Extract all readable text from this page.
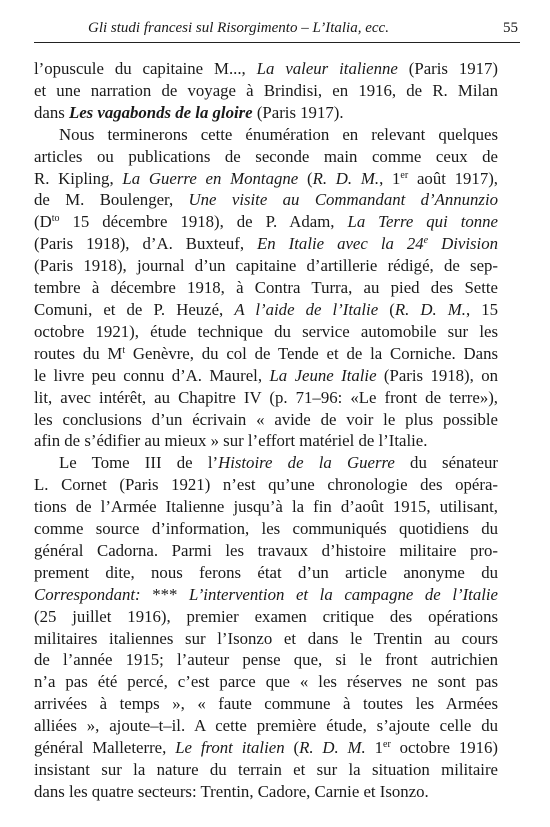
Gli studi francesi sul Risorgimento – L’Italia, ecc.	55
l’opuscule du capitaine M..., La valeur italienne (Paris 1917)
et une narration de voyage à Brindisi, en 1916, de R. Milan
dans Les vagabonds de la gloire (Paris 1917).
Nous terminerons cette énumération en relevant quelques
articles ou publications de seconde main comme ceux de
R. Kipling, La Guerre en Montagne (R. D. M., 1er août 1917),
de M. Boulenger, Une visite au Commandant d’Annunzio
($D^{to}$ 15 décembre 1918), de P. Adam, La Terre qui tonne
(Paris 1918), d’A. Buxteuf, En Italie avec la 24e Division
(Paris 1918), journal d’un capitaine d’artillerie rédigé, de sep-
tembre à décembre 1918, à Contra Turra, au pied des Sette
Comuni, et de P. Heuzé, A l’aide de l’Italie (R. D. M., 15
octobre 1921), étude technique du service automobile sur les
routes du $M^t$ Genèvre, du col de Tende et de la Corniche. Dans
le livre peu connu d’A. Maurel, La Jeune Italie (Paris 1918), on
lit, avec intérêt, au Chapitre IV (p. 71–96: «Le front de terre»),
les conclusions d’un écrivain « avide de voir le plus possible
afin de s’édifier au mieux » sur l’effort matériel de l’Italie.
Le Tome III de l’Histoire de la Guerre du sénateur
L. Cornet (Paris 1921) n’est qu’une chronologie des opéra-
tions de l’Armée Italienne jusqu’à la fin d’août 1915, utilisant,
comme source d’information, les communiqués quotidiens du
général Cadorna. Parmi les travaux d’histoire militaire pro-
prement dite, nous ferons état d’un article anonyme du
Correspondant: *** L’intervention et la campagne de l’Italie
(25 juillet 1916), premier examen critique des opérations
militaires italiennes sur l’Isonzo et dans le Trentin au cours
de l’année 1915; l’auteur pense que, si le front autrichien
n’a pas été percé, c’est parce que « les réserves ne sont pas
arrivées à temps », « faute commune à toutes les Armées
alliées », ajoute–t–il. A cette première étude, s’ajoute celle du
général Malleterre, Le front italien (R. D. M. 1er octobre 1916)
insistant sur la nature du terrain et sur la situation militaire
dans les quatre secteurs: Trentin, Cadore, Carnie et Isonzo.
